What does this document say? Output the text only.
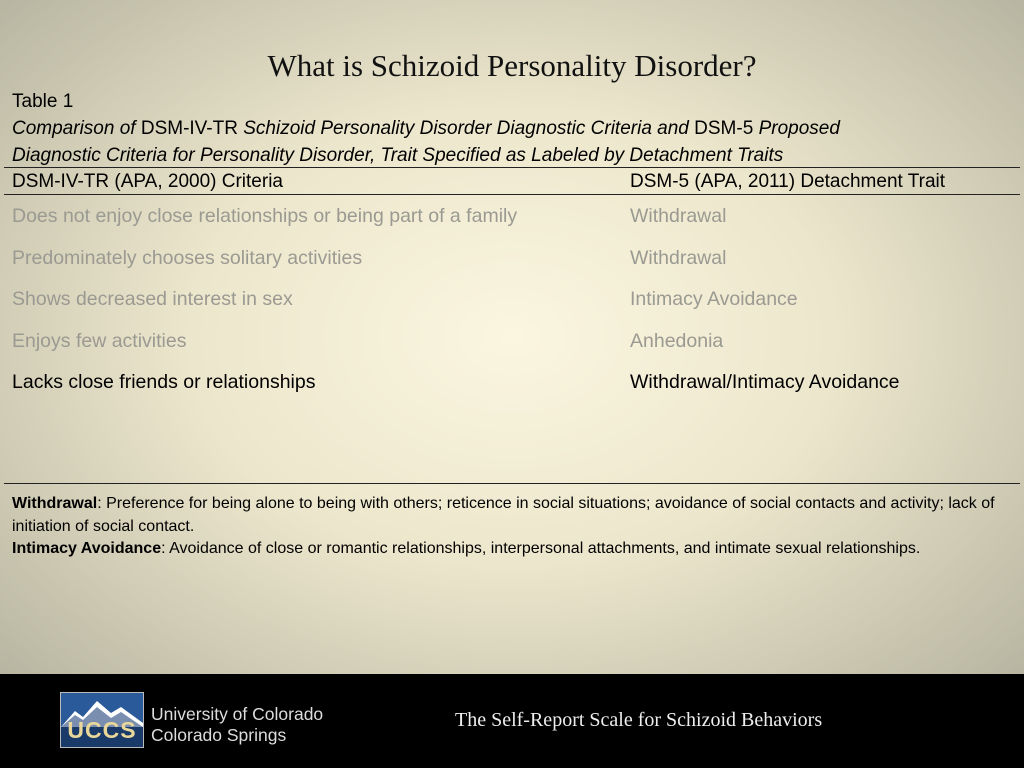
What is Schizoid Personality Disorder?
Table 1
Comparison of DSM-IV-TR Schizoid Personality Disorder Diagnostic Criteria and DSM-5 Proposed
Diagnostic Criteria for Personality Disorder, Trait Specified as Labeled by Detachment Traits
DSM-IV-TR (APA, 2000) Criteria	DSM-5 (APA, 2011) Detachment Trait
Does not enjoy close relationships or being part of a family	Withdrawal
Predominately chooses solitary activities	Withdrawal
Shows decreased interest in sex	Intimacy Avoidance
Enjoys few activities	Anhedonia
Lacks close friends or relationships	Withdrawal/Intimacy Avoidance
Withdrawal: Preference for being alone to being with others; reticence in social situations; avoidance of social contacts and activity; lack of initiation of social contact.
Intimacy Avoidance: Avoidance of close or romantic relationships, interpersonal attachments, and intimate sexual relationships.
UCCS
University of Colorado
Colorado Springs
The Self-Report Scale for Schizoid Behaviors
